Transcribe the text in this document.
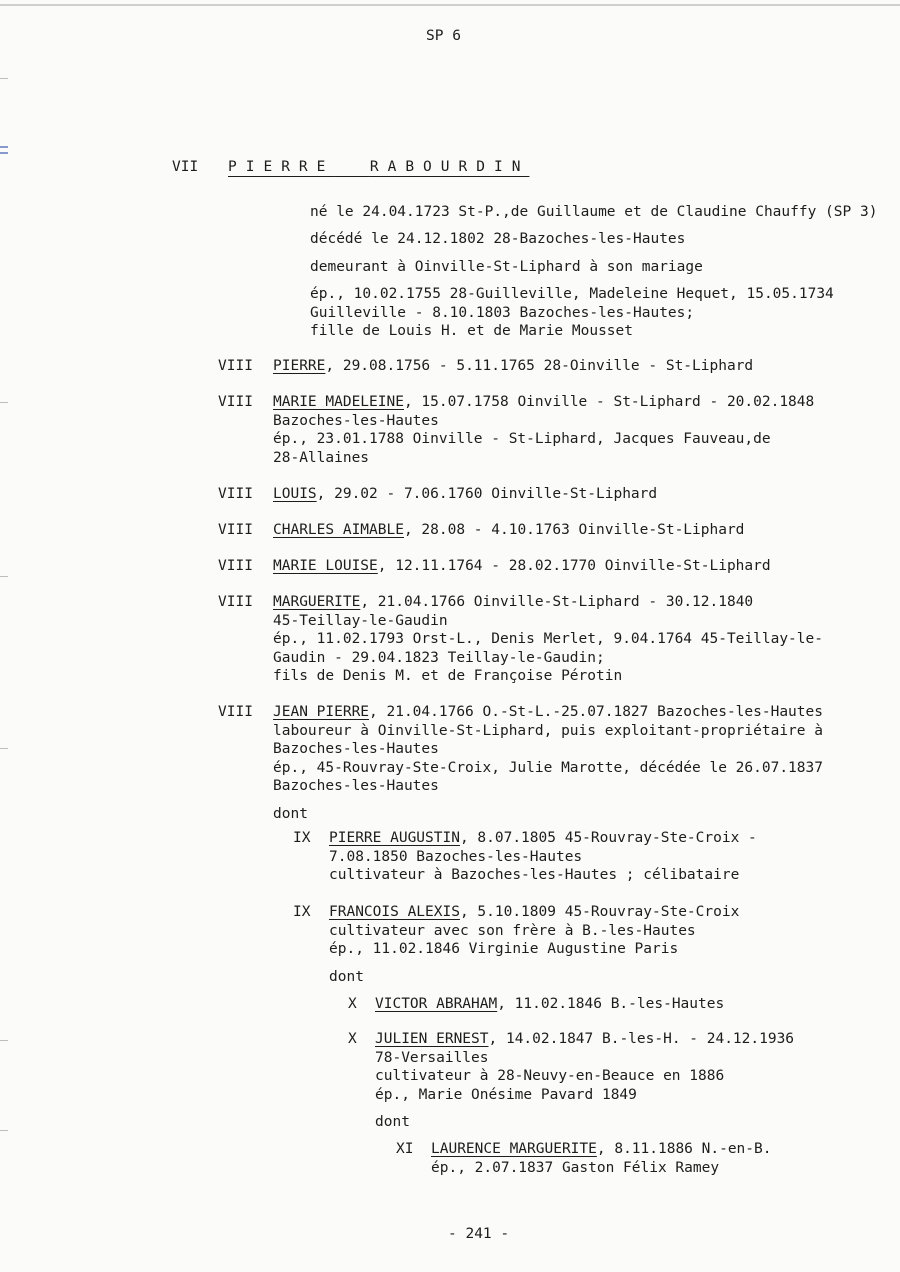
SP 6
VII PIERRE RABOURDIN
né le 24.04.1723 St-P.,de Guillaume et de Claudine Chauffy (SP 3)
décédé le 24.12.1802 28-Bazoches-les-Hautes
demeurant à Oinville-St-Liphard à son mariage
ép., 10.02.1755 28-Guilleville, Madeleine Hequet, 15.05.1734
Guilleville - 8.10.1803 Bazoches-les-Hautes;
fille de Louis H. et de Marie Mousset
VIII PIERRE, 29.08.1756 - 5.11.1765 28-Oinville - St-Liphard
VIII MARIE MADELEINE, 15.07.1758 Oinville - St-Liphard - 20.02.1848
Bazoches-les-Hautes
ép., 23.01.1788 Oinville - St-Liphard, Jacques Fauveau,de
28-Allaines
VIII LOUIS, 29.02 - 7.06.1760 Oinville-St-Liphard
VIII CHARLES AIMABLE, 28.08 - 4.10.1763 Oinville-St-Liphard
VIII MARIE LOUISE, 12.11.1764 - 28.02.1770 Oinville-St-Liphard
VIII MARGUERITE, 21.04.1766 Oinville-St-Liphard - 30.12.1840
45-Teillay-le-Gaudin
ép., 11.02.1793 Orst-L., Denis Merlet, 9.04.1764 45-Teillay-le-
Gaudin - 29.04.1823 Teillay-le-Gaudin;
fils de Denis M. et de Françoise Pérotin
VIII JEAN PIERRE, 21.04.1766 O.-St-L.-25.07.1827 Bazoches-les-Hautes
laboureur à Oinville-St-Liphard, puis exploitant-propriétaire à
Bazoches-les-Hautes
ép., 45-Rouvray-Ste-Croix, Julie Marotte, décédée le 26.07.1837
Bazoches-les-Hautes
dont
IX PIERRE AUGUSTIN, 8.07.1805 45-Rouvray-Ste-Croix -
7.08.1850 Bazoches-les-Hautes
cultivateur à Bazoches-les-Hautes ; célibataire
IX FRANCOIS ALEXIS, 5.10.1809 45-Rouvray-Ste-Croix
cultivateur avec son frère à B.-les-Hautes
ép., 11.02.1846 Virginie Augustine Paris
dont
X VICTOR ABRAHAM, 11.02.1846 B.-les-Hautes
X JULIEN ERNEST, 14.02.1847 B.-les-H. - 24.12.1936
78-Versailles
cultivateur à 28-Neuvy-en-Beauce en 1886
ép., Marie Onésime Pavard 1849
dont
XI LAURENCE MARGUERITE, 8.11.1886 N.-en-B.
ép., 2.07.1837 Gaston Félix Ramey
- 241 -
